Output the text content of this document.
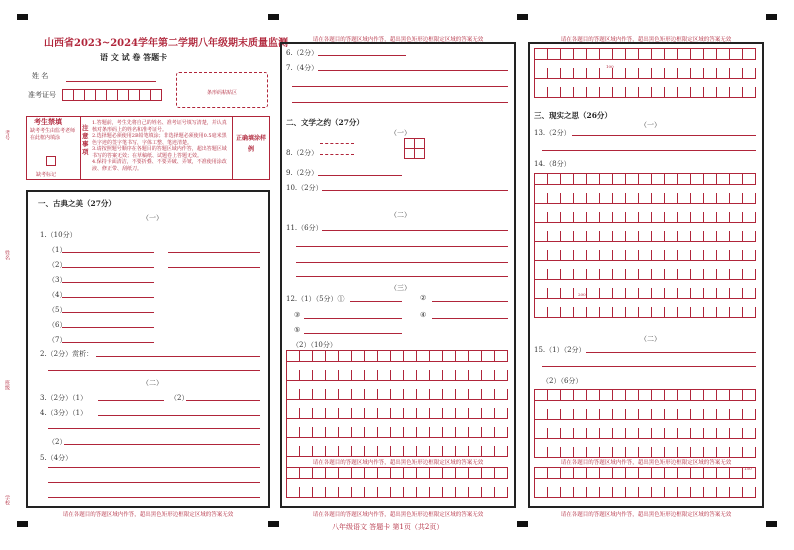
考号
姓名
班级
学校
山西省2023~2024学年第二学期八年级期末质量监测
语 文 试 卷 答题卡
姓 名
准考证号	条形码粘贴区
考生禁填
缺考考生由监考老师在此框内填涂
缺考标记
注意事项
1.答题前，考生先将自己的姓名、准考证号填写清楚，并认真核对条形码上的姓名和准考证号。
2.选择题必须使用2B铅笔填涂；非选择题必须使用0.5毫米黑色字迹的签字笔书写，字体工整、笔迹清楚。
3.请按照题号顺序在各题目的答题区域内作答，超出答题区域书写的答案无效；在草稿纸、试题卷上答题无效。
4.保持卡面清洁，不要折叠、不要弄破、弄皱，不准使用涂改液、修正带、刮纸刀。
正确填涂样例
一、古典之美（27分）
（一）
1.（10分）
（1）
（2）
（3）
（4）
（5）
（6）
（7）
2.（2分）赏析：
（二）
3.（2分）（1）	（2）
4.（3分）（1）
（2）
5.（4分）
请在各题目的答题区域内作答，超出黑色矩形边框限定区域的答案无效
请在各题目的答题区域内作答，超出黑色矩形边框限定区域的答案无效
6.（2分）
7.（4分）
二、文学之约（27分）
（一）
8.（2分）
9.（2分）
10.（2分）
（二）
11.（6分）
（三）
12.（1）（5分）①	②
③	④
⑤
（2）（10分）
请在各题目的答题区域内作答，超出黑色矩形边框限定区域的答案无效
请在各题目的答题区域内作答，超出黑色矩形边框限定区域的答案无效
请在各题目的答题区域内作答，超出黑色矩形边框限定区域的答案无效
100
三、现实之思（26分）
（一）
13.（2分）
14.（8分）
200
（二）
15.（1）（2分）
（2）（6分）
请在各题目的答题区域内作答，超出黑色矩形边框限定区域的答案无效
150
请在各题目的答题区域内作答，超出黑色矩形边框限定区域的答案无效
八年级语文 答题卡 第1页（共2页）
